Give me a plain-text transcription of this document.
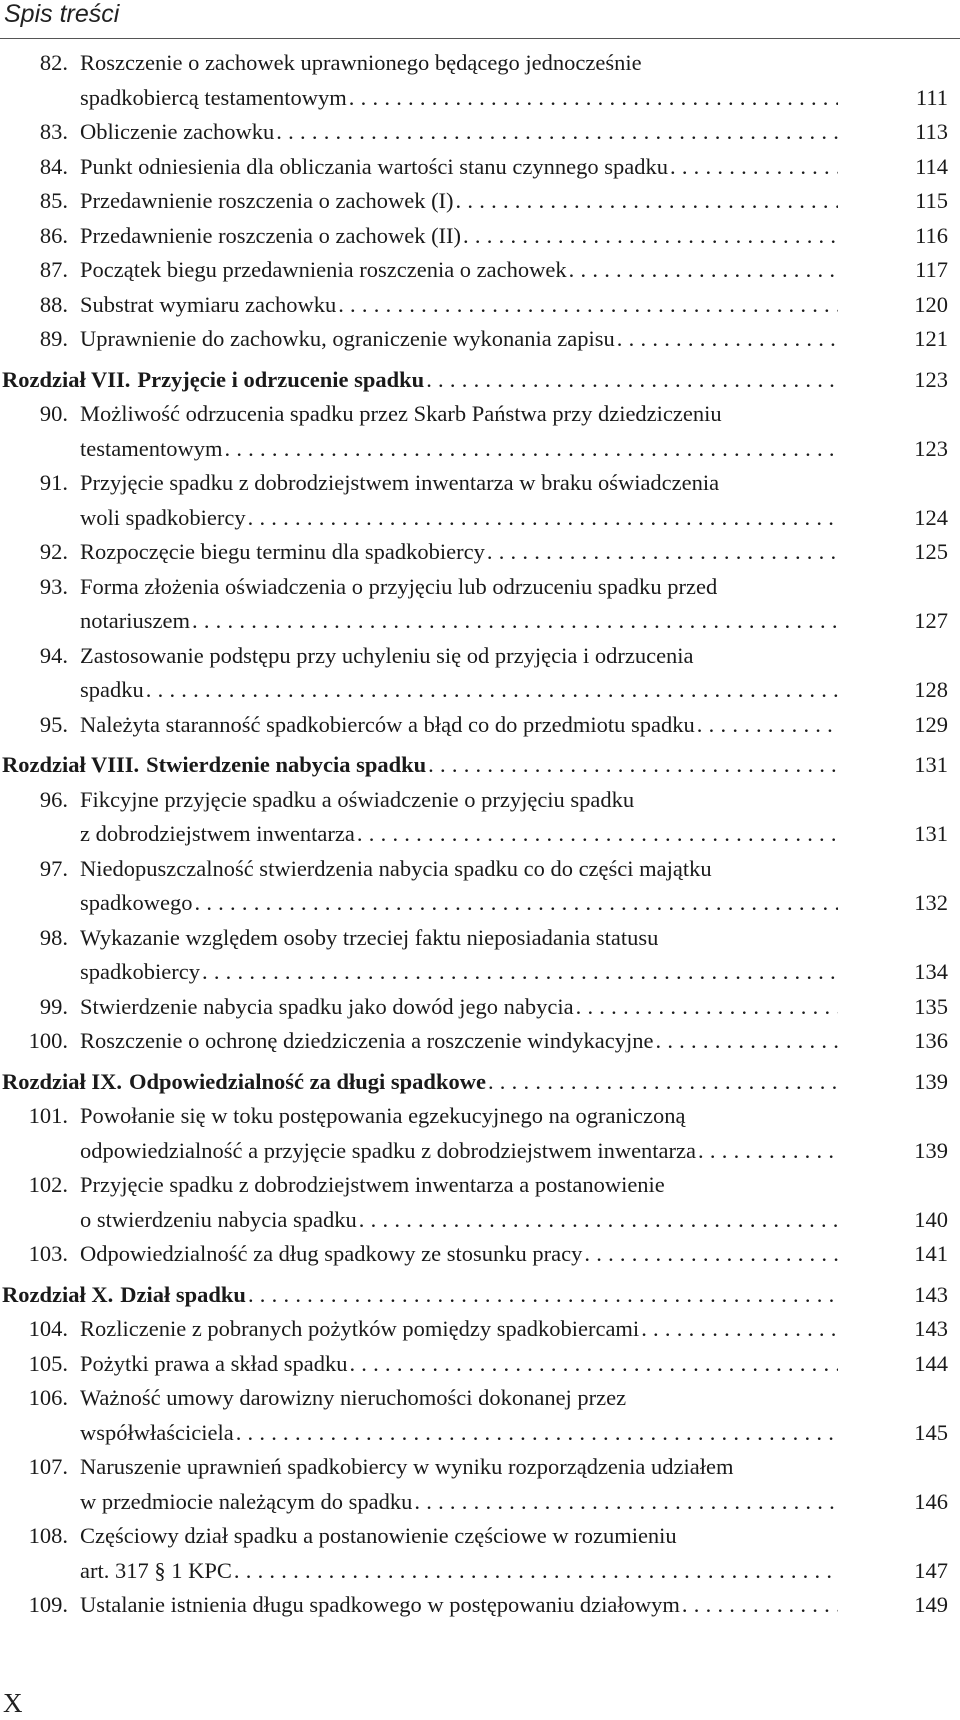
Spis treści
82. Roszczenie o zachowek uprawnionego będącego jednocześnie
spadkobiercą testamentowym . . .	111
83. Obliczenie zachowku . . .	113
84. Punkt odniesienia dla obliczania wartości stanu czynnego spadku . . .	114
85. Przedawnienie roszczenia o zachowek (I) . . .	115
86. Przedawnienie roszczenia o zachowek (II) . . .	116
87. Początek biegu przedawnienia roszczenia o zachowek . . .	117
88. Substrat wymiaru zachowku . . .	120
89. Uprawnienie do zachowku, ograniczenie wykonania zapisu . . .	121
Rozdział VII. Przyjęcie i odrzucenie spadku . . .	123
90. Możliwość odrzucenia spadku przez Skarb Państwa przy dziedziczeniu
testamentowym . . .	123
91. Przyjęcie spadku z dobrodziejstwem inwentarza w braku oświadczenia
woli spadkobiercy . . .	124
92. Rozpoczęcie biegu terminu dla spadkobiercy . . .	125
93. Forma złożenia oświadczenia o przyjęciu lub odrzuceniu spadku przed
notariuszem . . .	127
94. Zastosowanie podstępu przy uchyleniu się od przyjęcia i odrzucenia
spadku . . .	128
95. Należyta staranność spadkobierców a błąd co do przedmiotu spadku . . .	129
Rozdział VIII. Stwierdzenie nabycia spadku . . .	131
96. Fikcyjne przyjęcie spadku a oświadczenie o przyjęciu spadku
z dobrodziejstwem inwentarza . . .	131
97. Niedopuszczalność stwierdzenia nabycia spadku co do części majątku
spadkowego . . .	132
98. Wykazanie względem osoby trzeciej faktu nieposiadania statusu
spadkobiercy . . .	134
99. Stwierdzenie nabycia spadku jako dowód jego nabycia . . .	135
100. Roszczenie o ochronę dziedziczenia a roszczenie windykacyjne . . .	136
Rozdział IX. Odpowiedzialność za długi spadkowe . . .	139
101. Powołanie się w toku postępowania egzekucyjnego na ograniczoną
odpowiedzialność a przyjęcie spadku z dobrodziejstwem inwentarza . . .	139
102. Przyjęcie spadku z dobrodziejstwem inwentarza a postanowienie
o stwierdzeniu nabycia spadku . . .	140
103. Odpowiedzialność za dług spadkowy ze stosunku pracy . . .	141
Rozdział X. Dział spadku . . .	143
104. Rozliczenie z pobranych pożytków pomiędzy spadkobiercami . . .	143
105. Pożytki prawa a skład spadku . . .	144
106. Ważność umowy darowizny nieruchomości dokonanej przez
współwłaściciela . . .	145
107. Naruszenie uprawnień spadkobiercy w wyniku rozporządzenia udziałem
w przedmiocie należącym do spadku . . .	146
108. Częściowy dział spadku a postanowienie częściowe w rozumieniu
art. 317 § 1 KPC . . .	147
109. Ustalanie istnienia długu spadkowego w postępowaniu działowym . . .	149
X
